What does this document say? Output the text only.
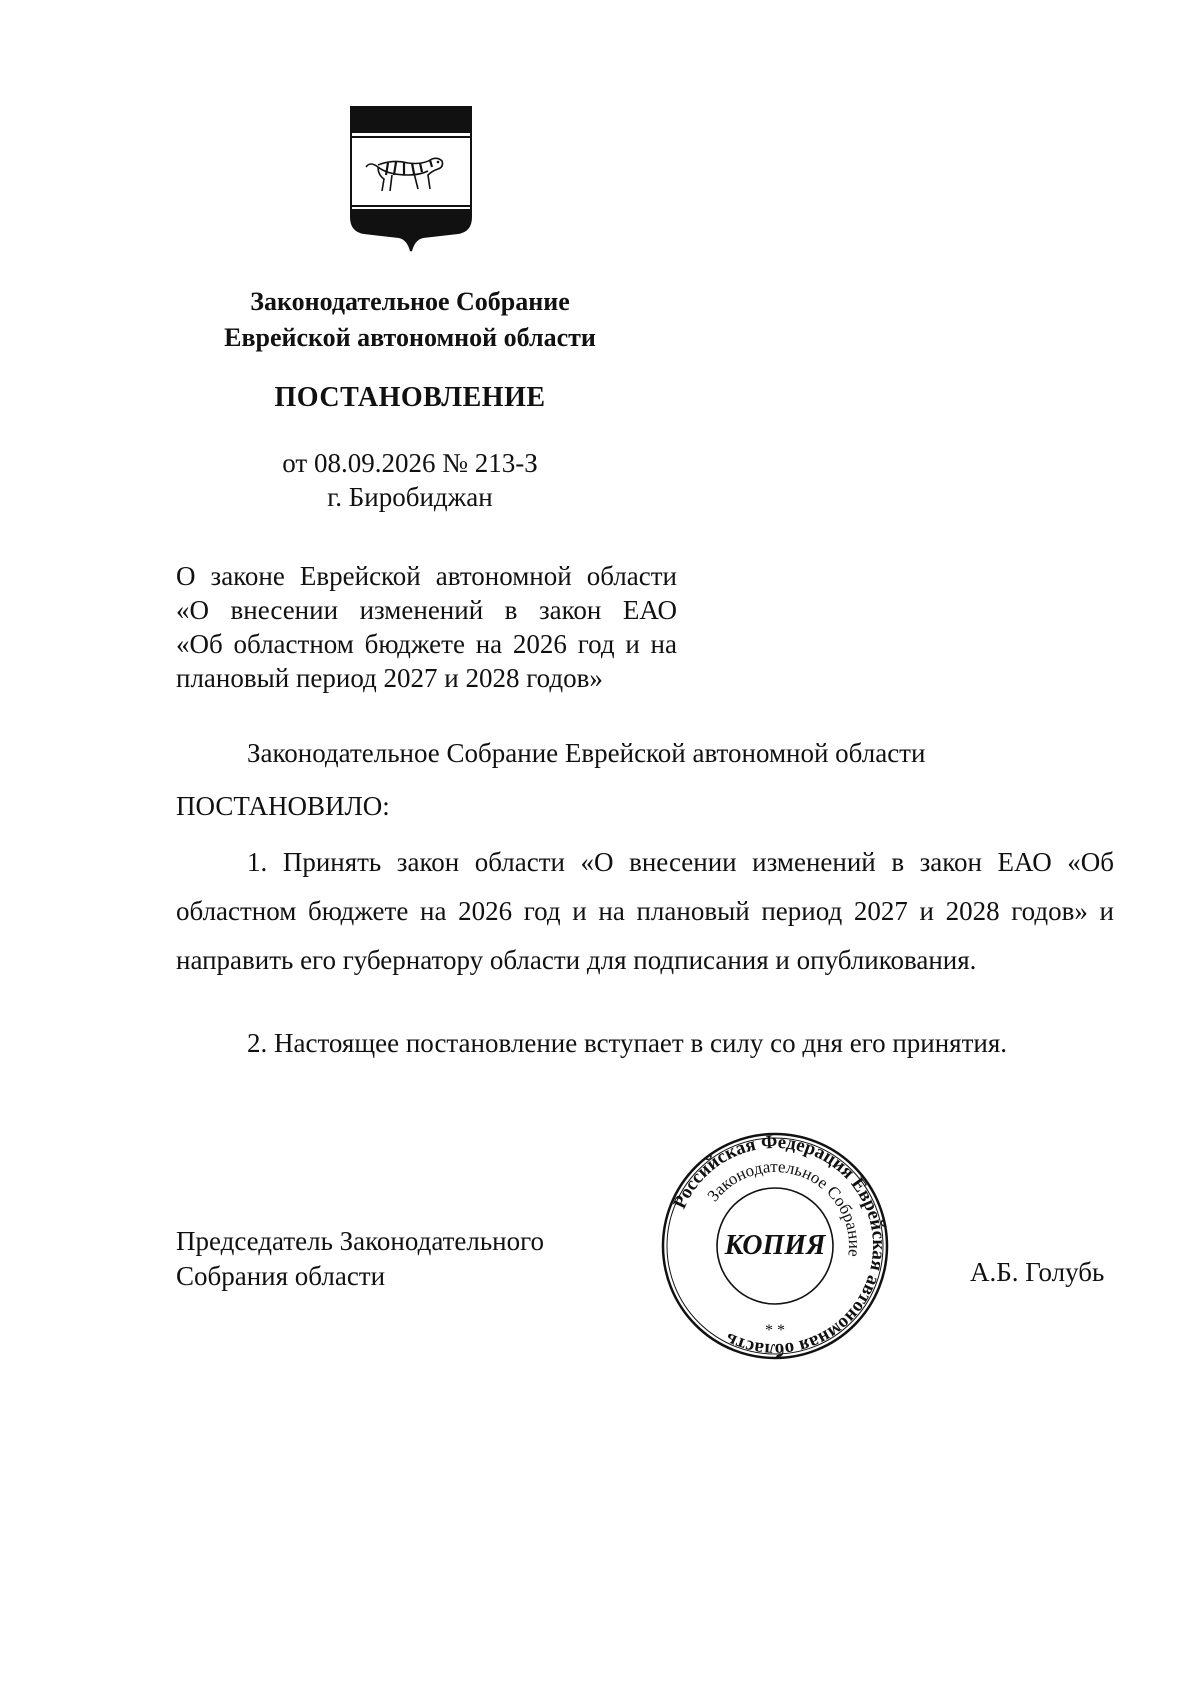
Законодательное Собрание
Еврейской автономной области
ПОСТАНОВЛЕНИЕ
от 08.09.2026 № 213-З
г. Биробиджан
О законе Еврейской автономной области
«О внесении изменений в закон ЕАО
«Об областном бюджете на 2026 год и на
плановый период 2027 и 2028 годов»
Законодательное Собрание Еврейской автономной области
ПОСТАНОВИЛО:
1. Принять закон области «О внесении изменений в закон ЕАО «Об областном бюджете на 2026 год и на плановый период 2027 и 2028 годов» и направить его губернатору области для подписания и опубликования.
2. Настоящее постановление вступает в силу со дня его принятия.
Председатель Законодательного
Собрания области	А.Б. Голубь
Российская Федерация Еврейская автономная область
Законодательное Собрание
КОПИЯ
* *
